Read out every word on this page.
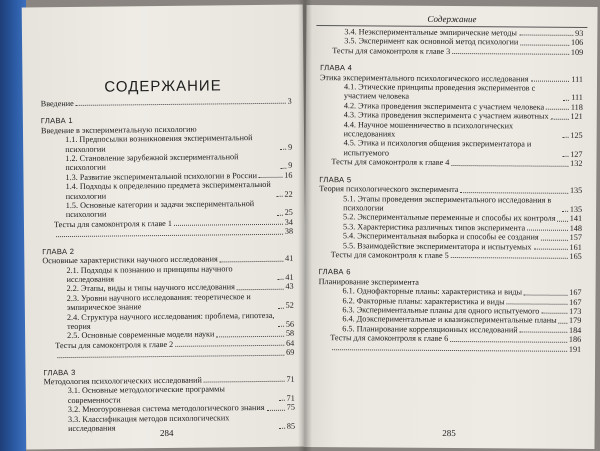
СОДЕРЖАНИЕ
Введение	3
ГЛАВА 1
Введение в экспериментальную психологию
1.1. Предпосылки возникновения экспериментальной психологии	9
1.2. Становление зарубежной экспериментальной психологии	9
1.3. Развитие экспериментальной психологии в России	16
1.4. Подходы к определению предмета экспериментальной психологии	22
1.5. Основные категории и задачи экспериментальной психологии	25
Тесты для самоконтроля к главе 1	34
38
ГЛАВА 2
Основные характеристики научного исследования	41
2.1. Подходы к познанию и принципы научного исследования	41
2.2. Этапы, виды и типы научного исследования	43
2.3. Уровни научного исследования: теоретическое и эмпирическое знание	52
2.4. Структура научного исследования: проблема, гипотеза, теория	56
2.5. Основные современные модели науки	58
Тесты для самоконтроля к главе 2	64
69
ГЛАВА 3
Методология психологических исследований	71
3.1. Основные методологические программы современности	71
3.2. Многоуровневая система методологического знания	75
3.3. Классификация методов психологических исследования	85
284
Содержание
3.4. Неэкспериментальные эмпирические методы	93
3.5. Эксперимент как основной метод психологии	106
Тесты для самоконтроля к главе 3	109
ГЛАВА 4
Этика экспериментального психологического исследования	111
4.1. Этические принципы проведения экспериментов с участием человека	111
4.2. Этика проведения эксперимента с участием человека	118
4.3. Этика проведения эксперимента с участием животных	121
4.4. Научное мошенничество в психологических исследованиях	125
4.5. Этика и психология общения экспериментатора и испытуемого	127
Тесты для самоконтроля к главе 4	132
ГЛАВА 5
Теория психологического эксперимента	135
5.1. Этапы проведения экспериментального исследования в психологии	135
5.2. Экспериментальные переменные и способы их контроля 141
5.3. Характеристика различных типов эксперимента	148
5.4. Экспериментальная выборка и способы ее создания	157
5.5. Взаимодействие экспериментатора и испытуемых	161
Тесты для самоконтроля к главе 5	165
ГЛАВА 6
Планирование эксперимента
6.1. Однофакторные планы: характеристика и виды	167
6.2. Факторные планы: характеристика и виды	167
6.3. Экспериментальные планы для одного испытуемого	173
6.4. Доэкспериментальные и квазиэкспериментальные планы 179
6.5. Планирование корреляционных исследований	184
Тесты для самоконтроля к главе 6	186
191
285
